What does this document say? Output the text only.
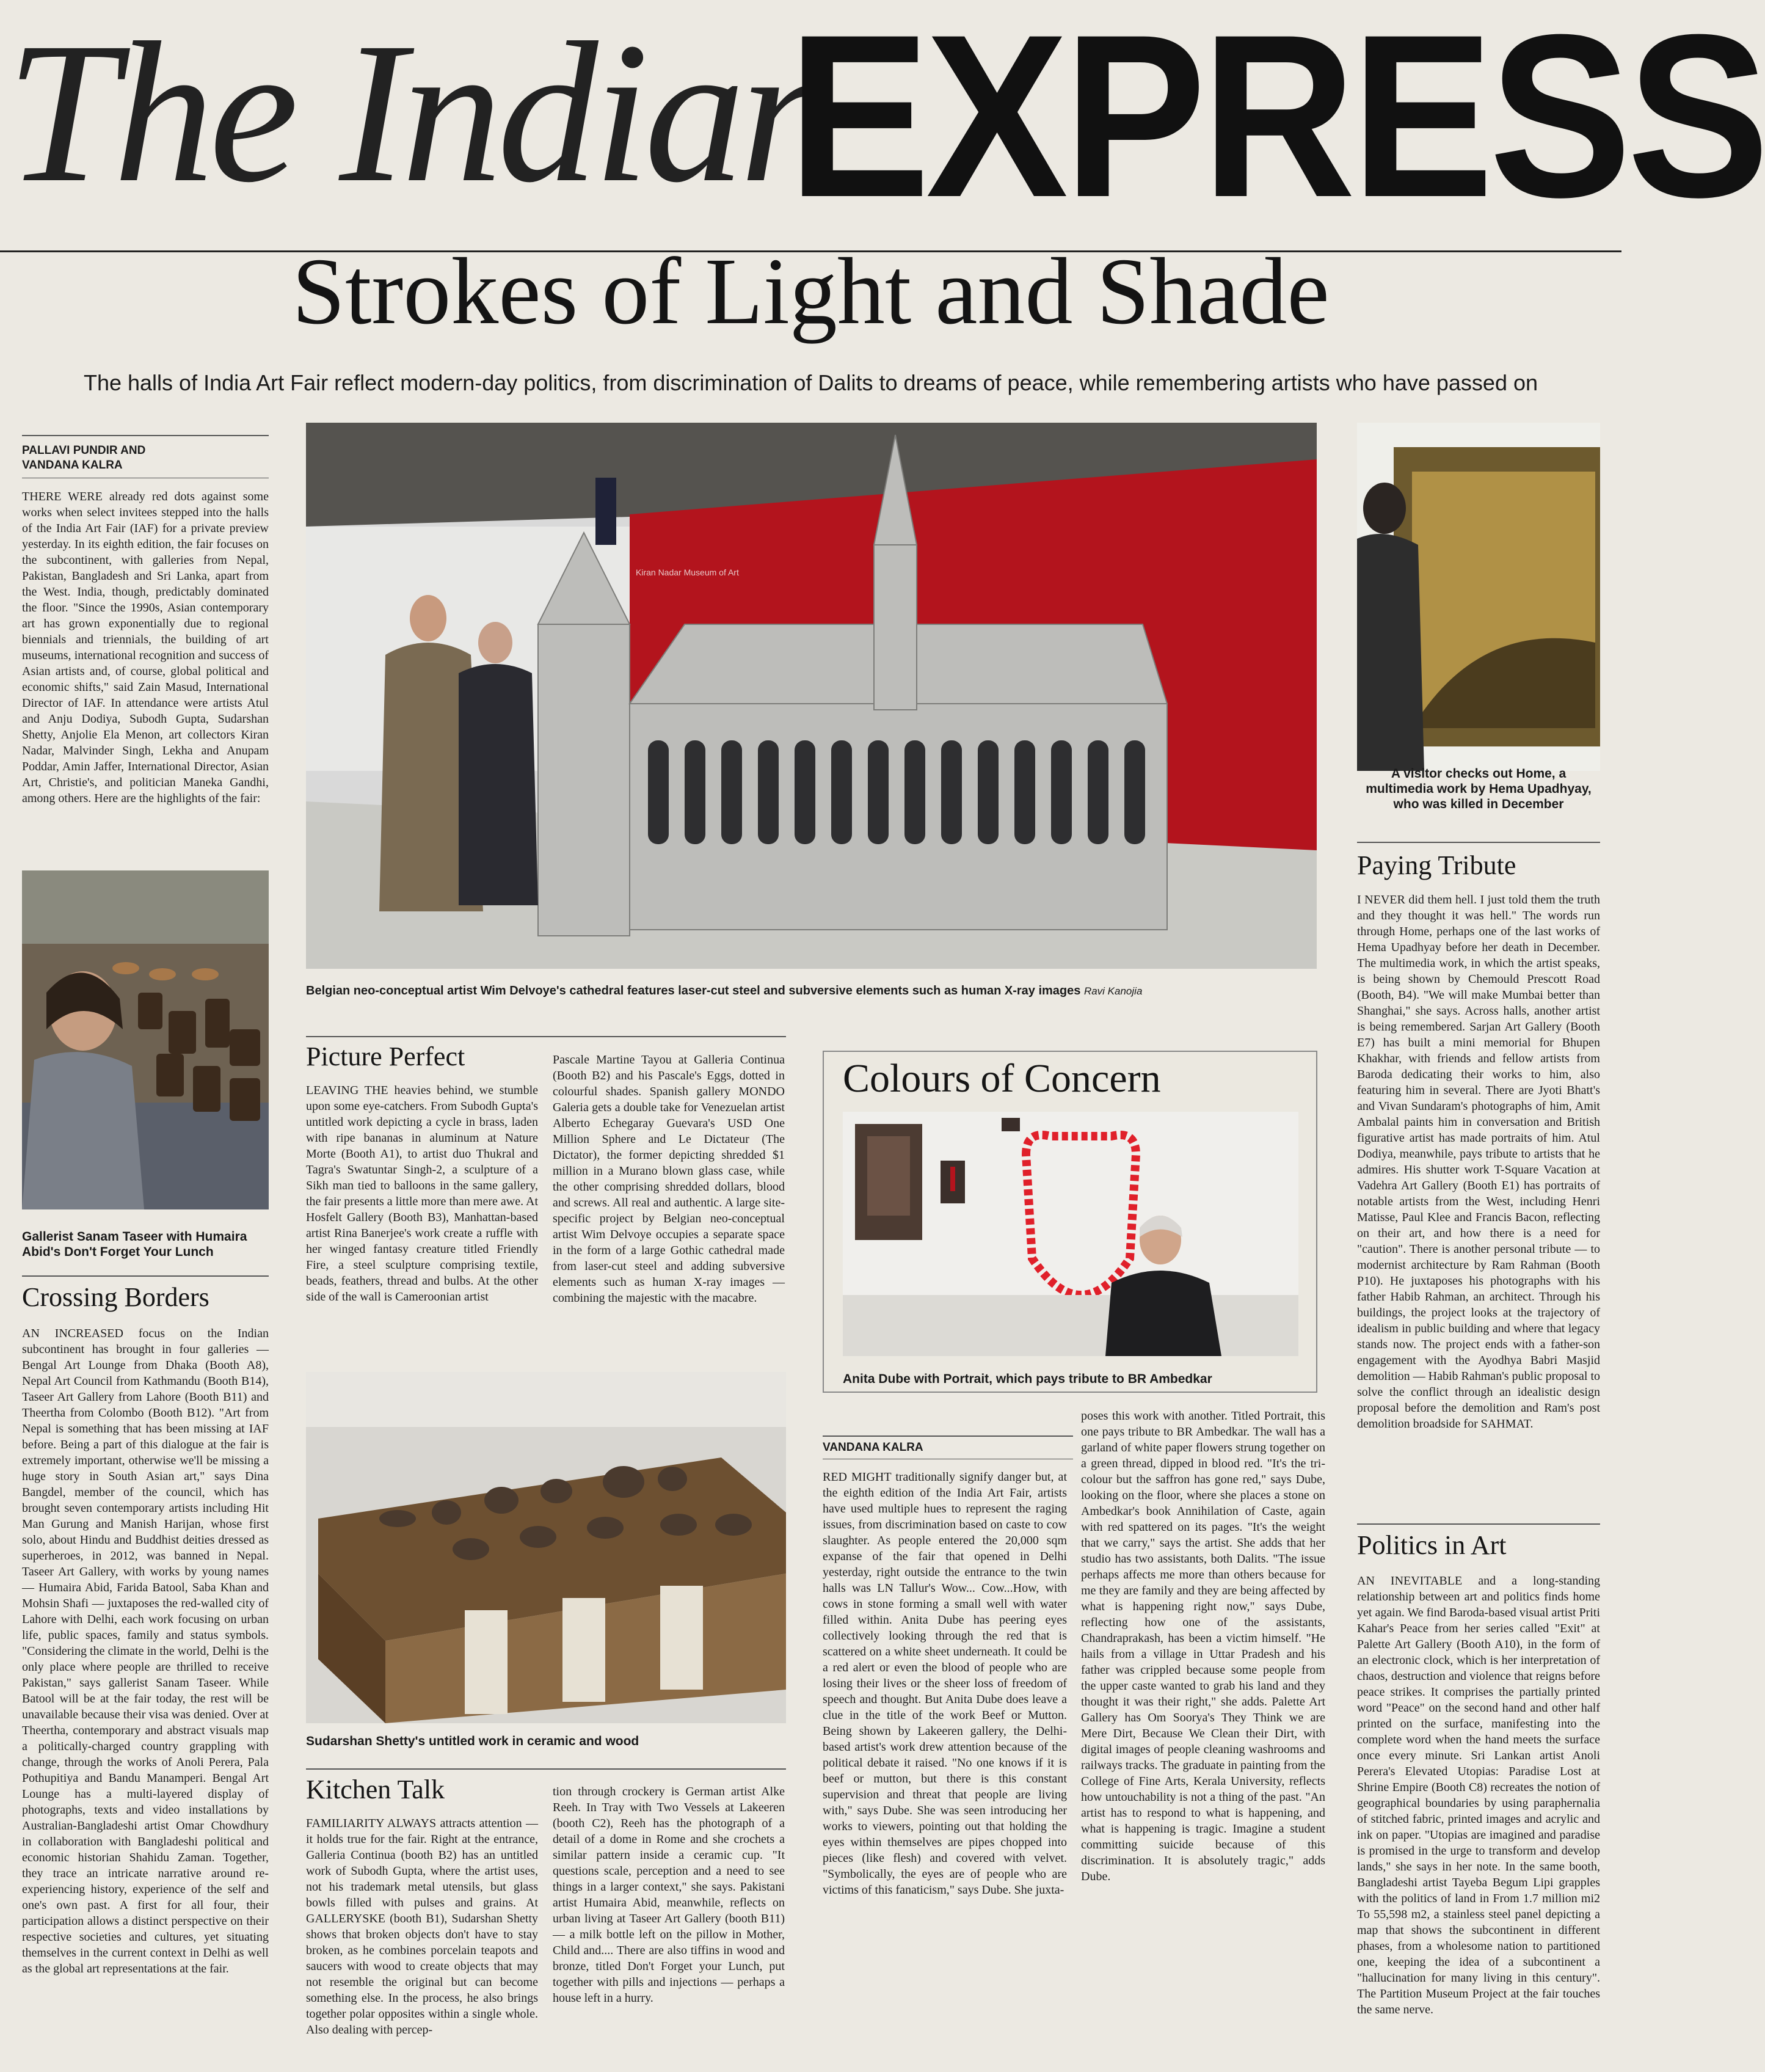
The Indian
EXPRESS
Strokes of Light and Shade
The halls of India Art Fair reflect modern-day politics, from discrimination of Dalits to dreams of peace, while remembering artists who have passed on
PALLAVI PUNDIR AND
VANDANA KALRA
THERE WERE already red dots against some works when select invitees stepped into the halls of the India Art Fair (IAF) for a private preview yesterday. In its eighth edition, the fair focuses on the subcontinent, with galleries from Nepal, Pakistan, Bangladesh and Sri Lanka, apart from the West. India, though, predictably dominated the floor. "Since the 1990s, Asian contemporary art has grown exponentially due to regional biennials and triennials, the building of art museums, international recognition and success of Asian artists and, of course, global political and economic shifts," said Zain Masud, International Director of IAF. In attendance were artists Atul and Anju Dodiya, Subodh Gupta, Sudarshan Shetty, Anjolie Ela Menon, art collectors Kiran Nadar, Malvinder Singh, Lekha and Anupam Poddar, Amin Jaffer, International Director, Asian Art, Christie's, and politician Maneka Gandhi, among others. Here are the highlights of the fair:
Gallerist Sanam Taseer with Humaira Abid's Don't Forget Your Lunch
Crossing Borders
AN INCREASED focus on the Indian subcontinent has brought in four galleries — Bengal Art Lounge from Dhaka (Booth A8), Nepal Art Council from Kathmandu (Booth B14), Taseer Art Gallery from Lahore (Booth B11) and Theertha from Colombo (Booth B12). "Art from Nepal is something that has been missing at IAF before. Being a part of this dialogue at the fair is extremely important, otherwise we'll be missing a huge story in South Asian art," says Dina Bangdel, member of the council, which has brought seven contemporary artists including Hit Man Gurung and Manish Harijan, whose first solo, about Hindu and Buddhist deities dressed as superheroes, in 2012, was banned in Nepal. Taseer Art Gallery, with works by young names — Humaira Abid, Farida Batool, Saba Khan and Mohsin Shafi — juxtaposes the red-walled city of Lahore with Delhi, each work focusing on urban life, public spaces, family and status symbols. "Considering the climate in the world, Delhi is the only place where people are thrilled to receive Pakistan," says gallerist Sanam Taseer. While Batool will be at the fair today, the rest will be unavailable because their visa was denied. Over at Theertha, contemporary and abstract visuals map a politically-charged country grappling with change, through the works of Anoli Perera, Pala Pothupitiya and Bandu Manamperi. Bengal Art Lounge has a multi-layered display of photographs, texts and video installations by Australian-Bangladeshi artist Omar Chowdhury in collaboration with Bangladeshi political and economic historian Shahidu Zaman. Together, they trace an intricate narrative around re-experiencing history, experience of the self and one's own past. A first for all four, their participation allows a distinct perspective on their respective societies and cultures, yet situating themselves in the current context in Delhi as well as the global art representations at the fair.
Kiran Nadar Museum of Art
Belgian neo-conceptual artist Wim Delvoye's cathedral features laser-cut steel and subversive elements such as human X-ray images Ravi Kanojia
A visitor checks out Home, a multimedia work by Hema Upadhyay, who was killed in December
Paying Tribute
I NEVER did them hell. I just told them the truth and they thought it was hell." The words run through Home, perhaps one of the last works of Hema Upadhyay before her death in December. The multimedia work, in which the artist speaks, is being shown by Chemould Prescott Road (Booth, B4). "We will make Mumbai better than Shanghai," she says. Across halls, another artist is being remembered. Sarjan Art Gallery (Booth E7) has built a mini memorial for Bhupen Khakhar, with friends and fellow artists from Baroda dedicating their works to him, also featuring him in several. There are Jyoti Bhatt's and Vivan Sundaram's photographs of him, Amit Ambalal paints him in conversation and British figurative artist has made portraits of him. Atul Dodiya, meanwhile, pays tribute to artists that he admires. His shutter work T-Square Vacation at Vadehra Art Gallery (Booth E1) has portraits of notable artists from the West, including Henri Matisse, Paul Klee and Francis Bacon, reflecting on their art, and how there is a need for "caution". There is another personal tribute — to modernist architecture by Ram Rahman (Booth P10). He juxtaposes his photographs with his father Habib Rahman, an architect. Through his buildings, the project looks at the trajectory of idealism in public building and where that legacy stands now. The project ends with a father-son engagement with the Ayodhya Babri Masjid demolition — Habib Rahman's public proposal to solve the conflict through an idealistic design proposal before the demolition and Ram's post demolition broadside for SAHMAT.
Politics in Art
AN INEVITABLE and a long-standing relationship between art and politics finds home yet again. We find Baroda-based visual artist Priti Kahar's Peace from her series called "Exit" at Palette Art Gallery (Booth A10), in the form of an electronic clock, which is her interpretation of chaos, destruction and violence that reigns before peace strikes. It comprises the partially printed word "Peace" on the second hand and other half printed on the surface, manifesting into the complete word when the hand meets the surface once every minute. Sri Lankan artist Anoli Perera's Elevated Utopias: Paradise Lost at Shrine Empire (Booth C8) recreates the notion of geographical boundaries by using paraphernalia of stitched fabric, printed images and acrylic and ink on paper. "Utopias are imagined and paradise is promised in the urge to transform and develop lands," she says in her note. In the same booth, Bangladeshi artist Tayeba Begum Lipi grapples with the politics of land in From 1.7 million mi2 To 55,598 m2, a stainless steel panel depicting a map that shows the subcontinent in different phases, from a wholesome nation to partitioned one, keeping the idea of a subcontinent a "hallucination for many living in this century". The Partition Museum Project at the fair touches the same nerve.
Picture Perfect
LEAVING THE heavies behind, we stumble upon some eye-catchers. From Subodh Gupta's untitled work depicting a cycle in brass, laden with ripe bananas in aluminum at Nature Morte (Booth A1), to artist duo Thukral and Tagra's Swatuntar Singh-2, a sculpture of a Sikh man tied to balloons in the same gallery, the fair presents a little more than mere awe. At Hosfelt Gallery (Booth B3), Manhattan-based artist Rina Banerjee's work create a ruffle with her winged fantasy creature titled Friendly Fire, a steel sculpture comprising textile, beads, feathers, thread and bulbs. At the other side of the wall is Cameroonian artist
Pascale Martine Tayou at Galleria Continua (Booth B2) and his Pascale's Eggs, dotted in colourful shades. Spanish gallery MONDO Galeria gets a double take for Venezuelan artist Alberto Echegaray Guevara's USD One Million Sphere and Le Dictateur (The Dictator), the former depicting shredded $1 million in a Murano blown glass case, while the other comprising shredded dollars, blood and screws. All real and authentic. A large site-specific project by Belgian neo-conceptual artist Wim Delvoye occupies a separate space in the form of a large Gothic cathedral made from laser-cut steel and adding subversive elements such as human X-ray images — combining the majestic with the macabre.
Sudarshan Shetty's untitled work in ceramic and wood
Kitchen Talk
FAMILIARITY ALWAYS attracts attention — it holds true for the fair. Right at the entrance, Galleria Continua (booth B2) has an untitled work of Subodh Gupta, where the artist uses, not his trademark metal utensils, but glass bowls filled with pulses and grains. At GALLERYSKE (booth B1), Sudarshan Shetty shows that broken objects don't have to stay broken, as he combines porcelain teapots and saucers with wood to create objects that may not resemble the original but can become something else. In the process, he also brings together polar opposites within a single whole. Also dealing with percep-
tion through crockery is German artist Alke Reeh. In Tray with Two Vessels at Lakeeren (booth C2), Reeh has the photograph of a detail of a dome in Rome and she crochets a similar pattern inside a ceramic cup. "It questions scale, perception and a need to see things in a larger context," she says. Pakistani artist Humaira Abid, meanwhile, reflects on urban living at Taseer Art Gallery (booth B11) — a milk bottle left on the pillow in Mother, Child and.... There are also tiffins in wood and bronze, titled Don't Forget your Lunch, put together with pills and injections — perhaps a house left in a hurry.
Colours of Concern
Anita Dube with Portrait, which pays tribute to BR Ambedkar
VANDANA KALRA
RED MIGHT traditionally signify danger but, at the eighth edition of the India Art Fair, artists have used multiple hues to represent the raging issues, from discrimination based on caste to cow slaughter. As people entered the 20,000 sqm expanse of the fair that opened in Delhi yesterday, right outside the entrance to the twin halls was LN Tallur's Wow... Cow...How, with cows in stone forming a small well with water filled within. Anita Dube has peering eyes collectively looking through the red that is scattered on a white sheet underneath. It could be a red alert or even the blood of people who are losing their lives or the sheer loss of freedom of speech and thought. But Anita Dube does leave a clue in the title of the work Beef or Mutton. Being shown by Lakeeren gallery, the Delhi-based artist's work drew attention because of the political debate it raised. "No one knows if it is beef or mutton, but there is this constant supervision and threat that people are living with," says Dube. She was seen introducing her works to viewers, pointing out that holding the eyes within themselves are pipes chopped into pieces (like flesh) and covered with velvet. "Symbolically, the eyes are of people who are victims of this fanaticism," says Dube. She juxta-
poses this work with another. Titled Portrait, this one pays tribute to BR Ambedkar. The wall has a garland of white paper flowers strung together on a green thread, dipped in blood red. "It's the tri-colour but the saffron has gone red," says Dube, looking on the floor, where she places a stone on Ambedkar's book Annihilation of Caste, again with red spattered on its pages. "It's the weight that we carry," says the artist. She adds that her studio has two assistants, both Dalits. "The issue perhaps affects me more than others because for me they are family and they are being affected by what is happening right now," says Dube, reflecting how one of the assistants, Chandraprakash, has been a victim himself. "He hails from a village in Uttar Pradesh and his father was crippled because some people from the upper caste wanted to grab his land and they thought it was their right," she adds. Palette Art Gallery has Om Soorya's They Think we are Mere Dirt, Because We Clean their Dirt, with digital images of people cleaning washrooms and railways tracks. The graduate in painting from the College of Fine Arts, Kerala University, reflects how untouchability is not a thing of the past. "An artist has to respond to what is happening, and what is happening is tragic. Imagine a student committing suicide because of this discrimination. It is absolutely tragic," adds Dube.
